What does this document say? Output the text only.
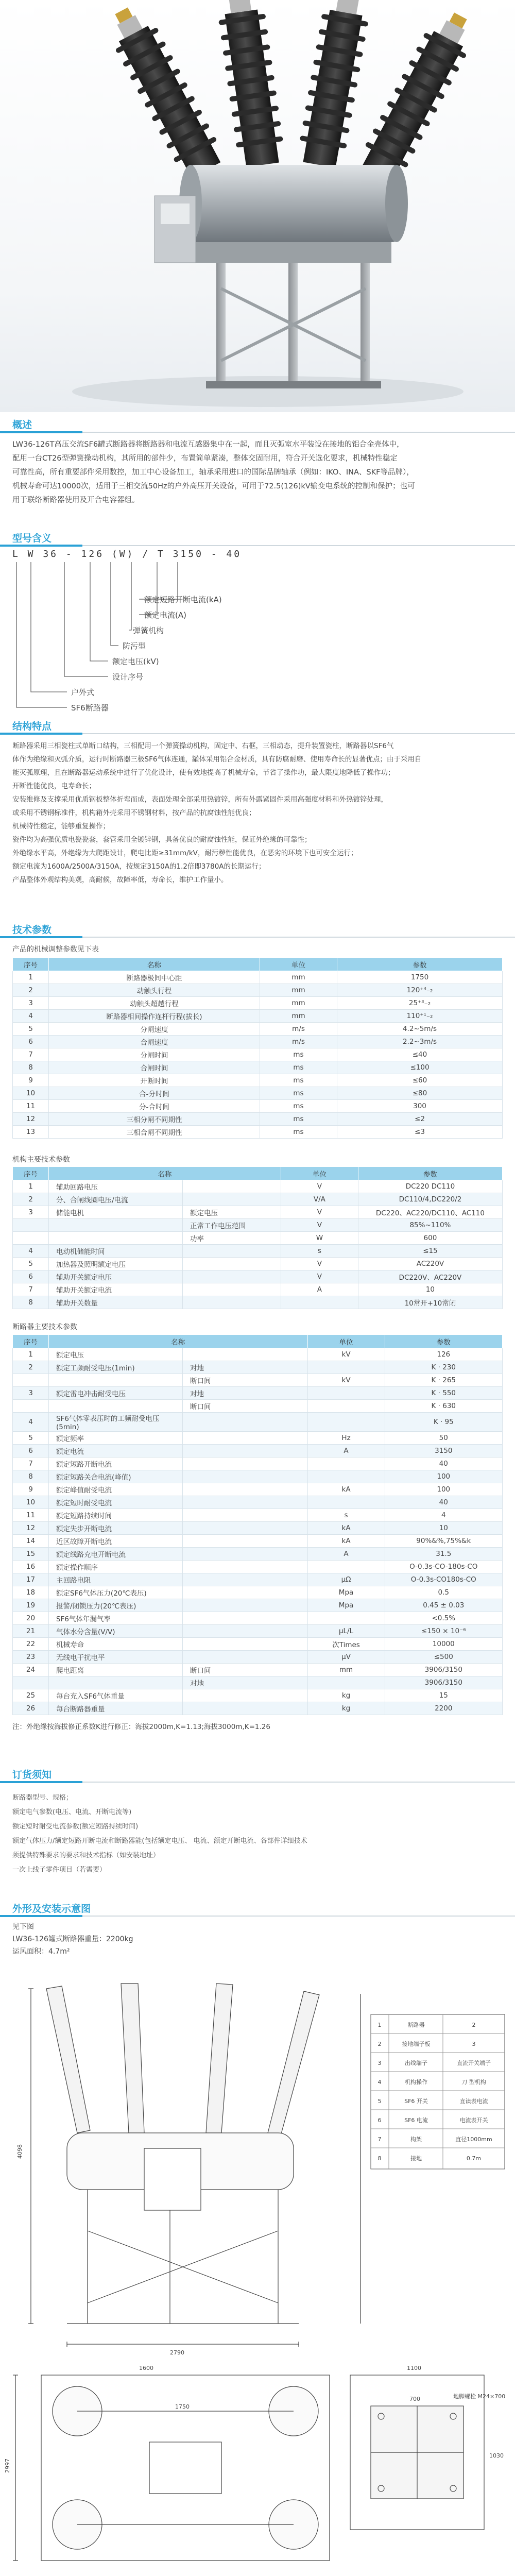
概述

LW36-126T高压交流SF6罐式断路器将断路器和电流互感器集中在一起，而且灭弧室水平装设在接地的铝合金壳体中，

配用一台CT26型弹簧操动机构，其所用的部件少，布置简单紧凑，整体交固耐用，符合开关选化要求，机械特性稳定

可靠性高，所有重要部件采用数控，加工中心设备加工，轴承采用进口的国际品牌轴承（例如：IKO、INA、SKF等品牌），

机械寿命可达10000次，适用于三相交流50Hz的户外高压开关设备，可用于72.5(126)kV输变电系统的控制和保护；也可

用于联络断路器使用及开合电容器组。

型号含义
L W 36 - 126 (W) / T 3150 - 40
额定短路开断电流(kA)
额定电流(A)
弹簧机构
防污型
额定电压(kV)
设计序号
户外式
SF6断路器
结构特点

断路器采用三相瓷柱式单断口结构，三相配用一个弹簧操动机构，固定中、右框，三相动态，提升装置瓷柱，断路器以SF6气

体作为绝缘和灭弧介质，运行时断路器三极SF6气体连通，罐体采用铝合金材质，具有防腐耐磨、使用寿命长的显著优点；由于采用自

能灭弧原理，且在断路器运动系统中进行了优化设计，使有效地提高了机械寿命，节省了操作功，最大限度地降低了操作功；

开断性能优良，电寿命长；

安装维修及支撑采用优质钢板整体折弯而成，表面处理全部采用热镀锌，所有外露紧固件采用高强度材料和外热镀锌处理，

或采用不锈钢标准件，机构箱外壳采用不锈钢材料，按产品的抗腐蚀性能优良；

机械特性稳定，能够重复操作；

瓷件均为高强优质电瓷瓷套，套管采用全镀锌钢，具备优良的耐腐蚀性能，保证外绝缘的可靠性；

外绝缘水平高，外绝缘为大爬距设计，爬电比距≥31mm/kV，耐污秽性能优良，在恶劣的环境下也可安全运行；

额定电流为1600A/2500A/3150A，按规定3150A的1.2倍即3780A的长期运行；

产品整体外观结构美观，高耐候，故障率低，寿命长，维护工作量小。

技术参数
产品的机械调整参数见下表
序号	名称	单位	参数
1	断路器极间中心距	mm	1750
2	动触头行程	mm	120⁺⁴₋₂
3	动触头超越行程	mm	25⁺³₋₂
4	断路器相间操作连杆行程(拔长)	mm	110⁺¹₋₂
5	分闸速度	m/s	4.2~5m/s
6	合闸速度	m/s	2.2~3m/s
7	分闸时间	ms	≤40
8	合闸时间	ms	≤100
9	开断时间	ms	≤60
10	合-分时间	ms	≤80
11	分-合时间	ms	300
12	三相分闸不同期性	ms	≤2
13	三相合闸不同期性	ms	≤3
机构主要技术参数
序号	名称		单位	参数
1	辅助回路电压		V	DC220 DC110
2	分、合闸线圈电压/电流		V/A	DC110/4,DC220/2
3	储能电机	额定电压	V	DC220、AC220/DC110、AC110
		正常工作电压范围	V	85%~110%
		功率	W	600
4	电动机储能时间		s	≤15
5	加热器及照明额定电压		V	AC220V
6	辅助开关额定电压		V	DC220V、AC220V
7	辅助开关额定电流		A	10
8	辅助开关数量			10常开+10常闭
断路器主要技术参数
序号	名称		单位	参数
1	额定电压		kV	126
2	额定工频耐受电压(1min)	对地		K · 230
		断口间	kV	K · 265
3	额定雷电冲击耐受电压	对地		K · 550
		断口间		K · 630
4	SF6气体零表压时的工频耐受电压(5min)			K · 95
5	额定频率		Hz	50
6	额定电流		A	3150
7	额定短路开断电流			40
8	额定短路关合电流(峰值)			100
9	额定峰值耐受电流		kA	100
10	额定短时耐受电流			40
11	额定短路持续时间		s	4
12	额定失步开断电流		kA	10
14	近区故障开断电流		kA	90%&%,75%&k
15	额定线路充电开断电流		A	31.5
16	额定操作顺序			O-0.3s-CO-180s-CO
17	主回路电阻		μΩ	O-0.3s-CO180s-CO
18	额定SF6气体压力(20℃表压)		Mpa	0.5
19	报警/闭锁压力(20℃表压)		Mpa	0.45 ± 0.03
20	SF6气体年漏气率			<0.5%
21	气体水分含量(V/V)		μL/L	≤150 × 10⁻⁶
22	机械寿命		次Times	10000
23	无线电干扰电平		μV	≤500
24	爬电距离	断口间	mm	3906/3150
		对地		3906/3150
25	每台充入SF6气体重量		kg	15
26	每台断路器重量		kg	2200
注：外绝缘按海拔修正系数K进行修正：海拔2000m,K=1.13;海拔3000m,K=1.26
订货须知
断路器型号、规格；
额定电气参数(电压、电流、开断电流等)
额定短时耐受电流参数(额定短路持续时间)
额定气体压力/额定短路开断电流和断路器能(包括额定电压、 电流、额定开断电流、各部件详细技术
须提供特殊要求的要求和技术指标（如安装地址）
一次上线子零件项目（若需要）
外形及安装示意图

见下图

LW36-126罐式断路器重量：2200kg

运风面积：4.7m²

1	断路器	2
2	接地端子板	3
3	出线端子	直流开关端子
4	机构操作	刀 型机构
5	SF6 开关	直读表电流
6	SF6 电流	电流表开关
7	构架	直径1000mm
8	接地	0.7m
4098
2790
1600
1750
2997
1100
700	地脚螺栓 M24×700
1030
